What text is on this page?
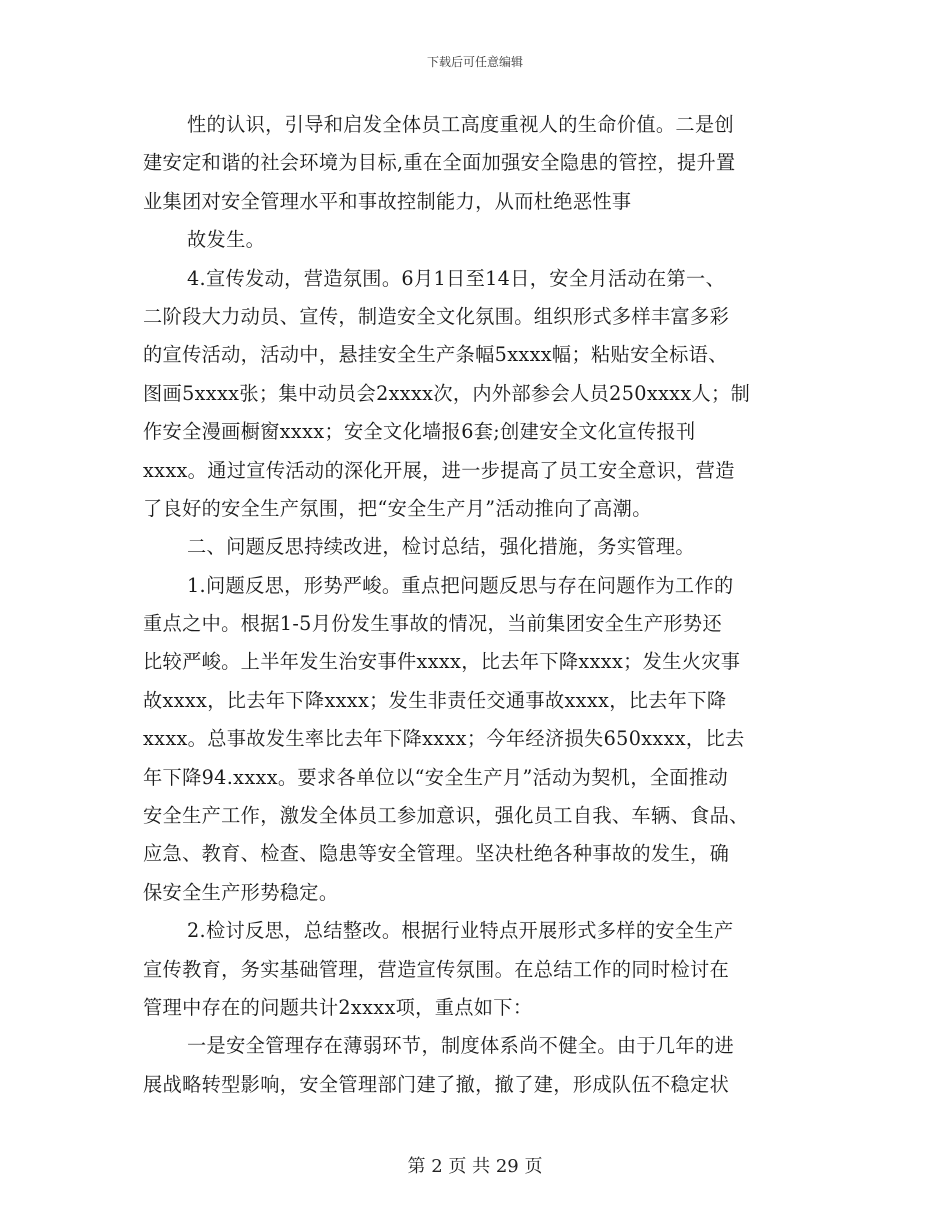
下载后可任意编辑
性的认识，引导和启发全体员工高度重视人的生命价值。二是创
建安定和谐的社会环境为目标,重在全面加强安全隐患的管控，提升置
业集团对安全管理水平和事故控制能力，从而杜绝恶性事
故发生。
4.宣传发动，营造氛围。6月1日至14日，安全月活动在第一、
二阶段大力动员、宣传，制造安全文化氛围。组织形式多样丰富多彩
的宣传活动，活动中，悬挂安全生产条幅5xxxx幅；粘贴安全标语、
图画5xxxx张；集中动员会2xxxx次，内外部参会人员250xxxx人；制
作安全漫画橱窗xxxx；安全文化墙报6套;创建安全文化宣传报刊
xxxx。通过宣传活动的深化开展，进一步提高了员工安全意识，营造
了良好的安全生产氛围，把“安全生产月”活动推向了高潮。
二、问题反思持续改进，检讨总结，强化措施，务实管理。
1.问题反思，形势严峻。重点把问题反思与存在问题作为工作的
重点之中。根据1-5月份发生事故的情况，当前集团安全生产形势还
比较严峻。上半年发生治安事件xxxx，比去年下降xxxx；发生火灾事
故xxxx，比去年下降xxxx；发生非责任交通事故xxxx，比去年下降
xxxx。总事故发生率比去年下降xxxx；今年经济损失650xxxx，比去
年下降94.xxxx。要求各单位以“安全生产月”活动为契机，全面推动
安全生产工作，激发全体员工参加意识，强化员工自我、车辆、食品、
应急、教育、检查、隐患等安全管理。坚决杜绝各种事故的发生，确
保安全生产形势稳定。
2.检讨反思，总结整改。根据行业特点开展形式多样的安全生产
宣传教育，务实基础管理，营造宣传氛围。在总结工作的同时检讨在
管理中存在的问题共计2xxxx项，重点如下：
一是安全管理存在薄弱环节，制度体系尚不健全。由于几年的进
展战略转型影响，安全管理部门建了撤，撤了建，形成队伍不稳定状
第 2 页 共 29 页
